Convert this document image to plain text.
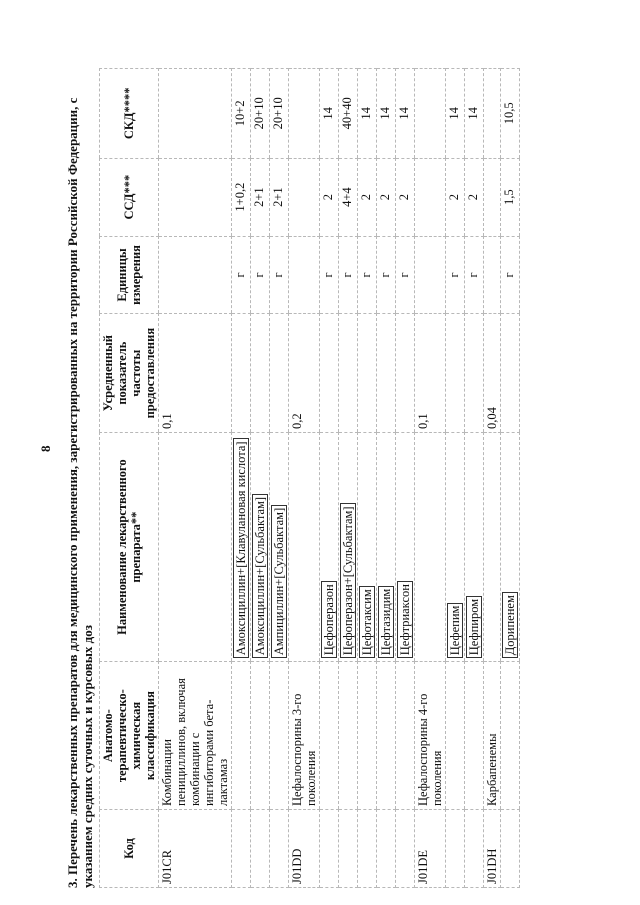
8 3. Перечень лекарственных препаратов для медицинского применения, зарегистрированных на территории Российской Федерации, с указанием средних суточных и курсовых доз Код	Анатомо-терапевтическо-химическая классификация	Наименование лекарственного препарата**	Усредненный показатель частоты предоставления	Единицы измерения	ССД***	СКД****
J01CR	Комбинации пенициллинов, включая комбинации с ингибиторами бета-лактамаз		0,1			
		Амоксициллин+[Клавулановая кислота]		г	1+0,2	10+2
		Амоксициллин+[Сульбактам]		г	2+1	20+10
		Ампициллин+[Сульбактам]		г	2+1	20+10
J01DD	Цефалоспорины 3-го поколения		0,2			
		Цефоперазон		г	2	14
		Цефоперазон+[Сульбактам]		г	4+4	40+40
		Цефотаксим		г	2	14
		Цефтазидим		г	2	14
		Цефтриаксон		г	2	14
J01DE	Цефалоспорины 4-го поколения		0,1			
		Цефепим		г	2	14
		Цефпиром		г	2	14
J01DH	Карбапенемы		0,04			
		Дорипенем		г	1,5	10,5
